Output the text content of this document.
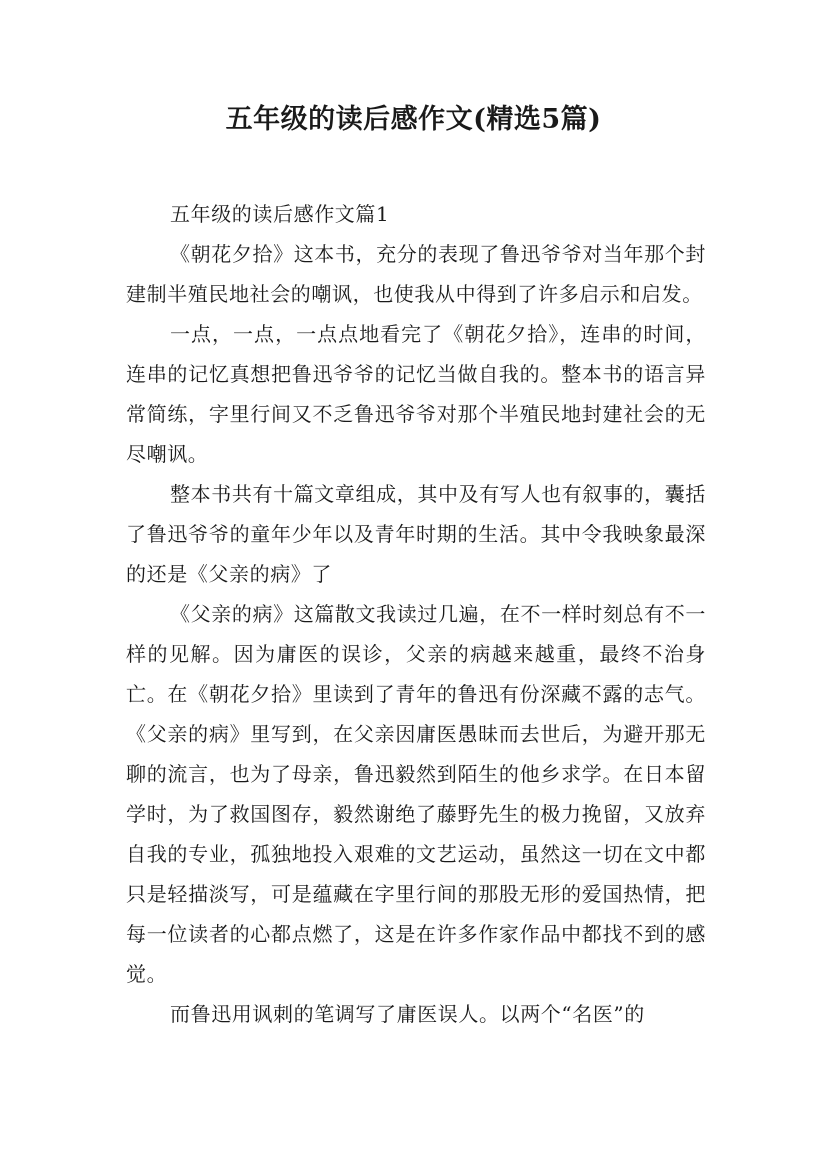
五年级的读后感作文(精选5篇)

五年级的读后感作文篇1

《朝花夕拾》这本书，充分的表现了鲁迅爷爷对当年那个封建制半殖民地社会的嘲讽，也使我从中得到了许多启示和启发。

一点，一点，一点点地看完了《朝花夕拾》，连串的时间，连串的记忆真想把鲁迅爷爷的记忆当做自我的。整本书的语言异常简练，字里行间又不乏鲁迅爷爷对那个半殖民地封建社会的无尽嘲讽。

整本书共有十篇文章组成，其中及有写人也有叙事的，囊括了鲁迅爷爷的童年少年以及青年时期的生活。其中令我映象最深的还是《父亲的病》了

《父亲的病》这篇散文我读过几遍，在不一样时刻总有不一样的见解。因为庸医的误诊，父亲的病越来越重，最终不治身亡。在《朝花夕拾》里读到了青年的鲁迅有份深藏不露的志气。《父亲的病》里写到，在父亲因庸医愚昧而去世后，为避开那无聊的流言，也为了母亲，鲁迅毅然到陌生的他乡求学。在日本留学时，为了救国图存，毅然谢绝了藤野先生的极力挽留，又放弃自我的专业，孤独地投入艰难的文艺运动，虽然这一切在文中都只是轻描淡写，可是蕴藏在字里行间的那股无形的爱国热情，把每一位读者的心都点燃了，这是在许多作家作品中都找不到的感觉。

而鲁迅用讽刺的笔调写了庸医误人。以两个“名医”的
